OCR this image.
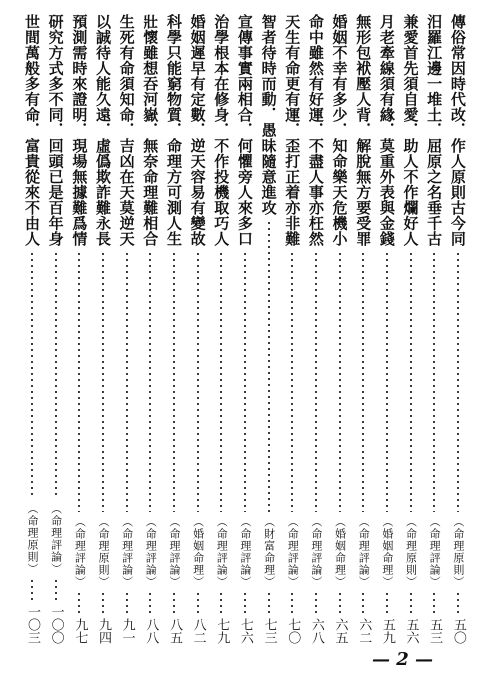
傳俗常因時代改．作人原則古今同
（命理原則）
五〇
汨羅江邊一堆土．屈原之名垂千古
（命理評論）
五三
兼愛首先須自愛．助人不作爛好人
（命理原則）
五六
月老牽線須有緣．莫重外表與金錢
（婚姻命理）
五九
無形包袱壓人背．解脫無方要受罪
（命理評論）
六二
婚姻不幸有多少．知命樂天危機小
（婚姻命理）
六五
命中雖然有好運．不盡人事亦枉然
（命理評論）
六八
天生有命更有運．歪打正着亦非難
（命理評論）
七〇
智者待時而動．愚昧隨意進攻
（財富命理）
七三
宣傳事實兩相合．何懼旁人來多口
（命理評論）
七六
治學根本在修身．不作投機取巧人
（命理評論）
七九
婚姻遲早有定數．逆天容易有變故
（婚姻命理）
八二
科學只能窮物質．命理方可測人生
（命理評論）
八五
壯懷雖想吞河嶽．無奈命理難相合
（命理評論）
八八
生死有命須知命．吉凶在天莫逆天
（命理評論）
九一
以誠待人能久遠．虛僞欺詐難永長
（命理原則）
九四
預測需時來證明．現場無據難爲情
（命理評論）
九七
研究方式多不同．回頭已是百年身
（命理評論）
一〇〇
世間萬般多有命．富貴從來不由人
（命理原則）
一〇三
— 2 —
